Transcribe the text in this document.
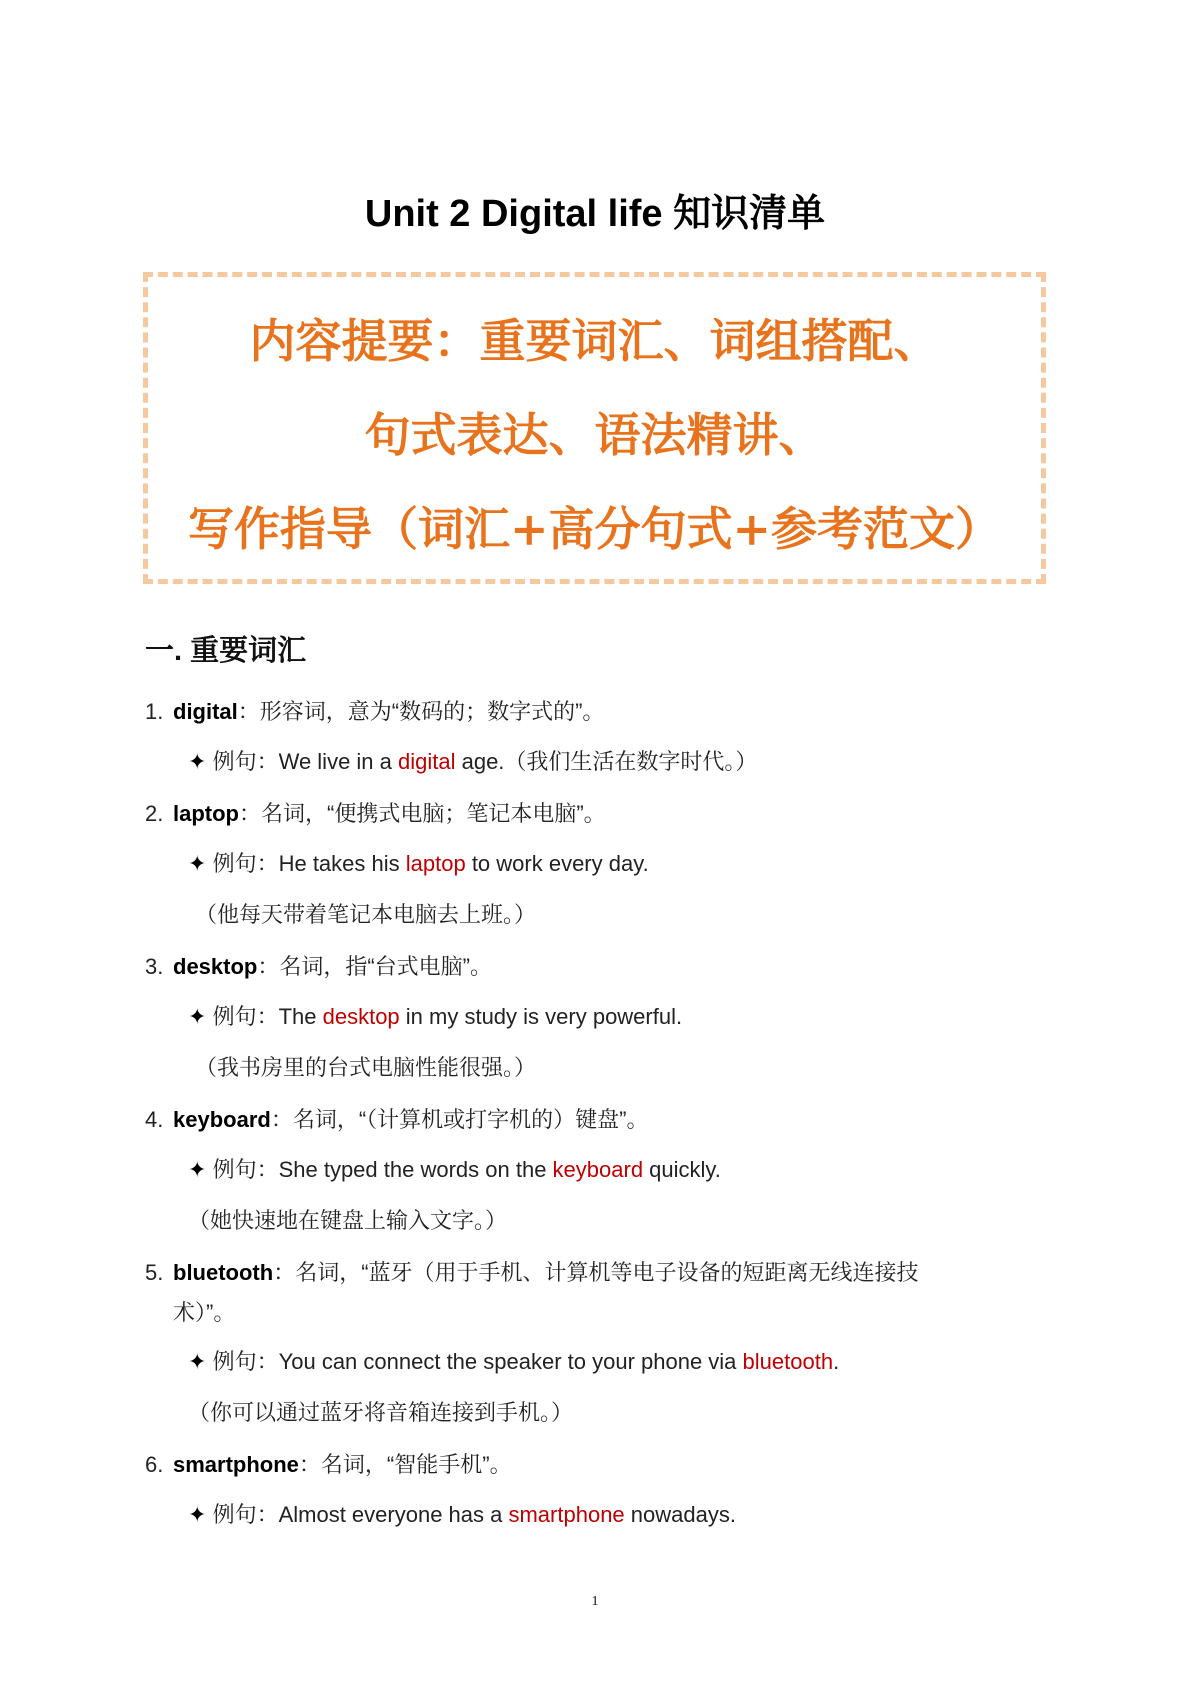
Unit 2 Digital life 知识清单
内容提要：重要词汇、词组搭配、
句式表达、语法精讲、
写作指导（词汇+高分句式+参考范文）
一. 重要词汇
1. digital：形容词，意为“数码的；数字式的”。
✦ 例句：We live in a digital age.（我们生活在数字时代。）
2. laptop：名词，“便携式电脑；笔记本电脑”。
✦ 例句：He takes his laptop to work every day.
（他每天带着笔记本电脑去上班。）
3. desktop：名词，指“台式电脑”。
✦ 例句：The desktop in my study is very powerful.
（我书房里的台式电脑性能很强。）
4. keyboard：名词，“（计算机或打字机的）键盘”。
✦ 例句：She typed the words on the keyboard quickly.
（她快速地在键盘上输入文字。）
5. bluetooth：名词，“蓝牙（用于手机、计算机等电子设备的短距离无线连接技
术）”。
✦ 例句：You can connect the speaker to your phone via bluetooth.
（你可以通过蓝牙将音箱连接到手机。）
6. smartphone：名词，“智能手机”。
✦ 例句：Almost everyone has a smartphone nowadays.
1
